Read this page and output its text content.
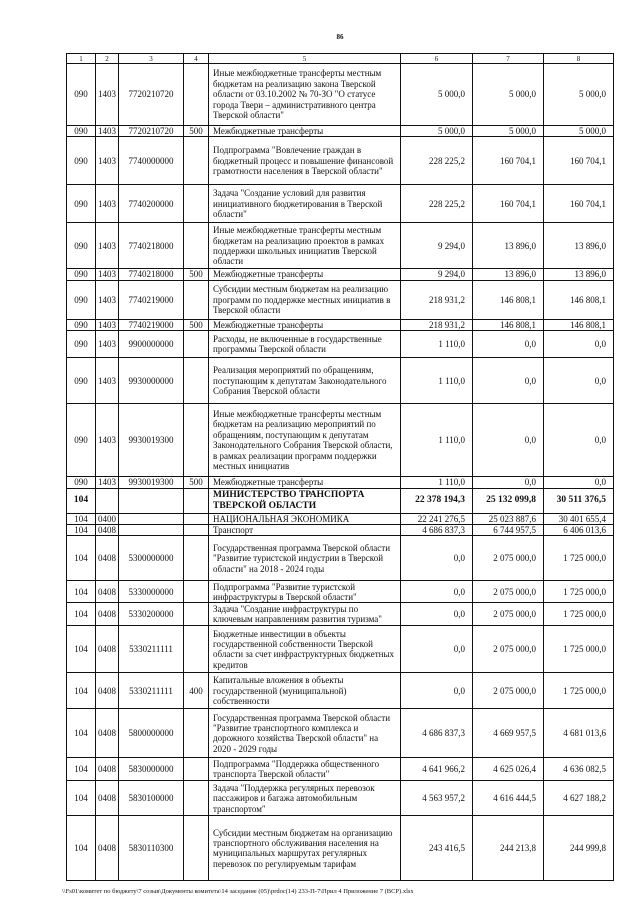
86
1	2	3	4	5	6	7	8
090	1403	7720210720		Иные межбюджетные трансферты местным бюджетам на реализацию закона Тверской области от 03.10.2002 № 70-ЗО "О статусе города Твери – административного центра Тверской области"	5 000,0	5 000,0	5 000,0
090	1403	7720210720	500	Межбюджетные трансферты	5 000,0	5 000,0	5 000,0
090	1403	7740000000		Подпрограмма "Вовлечение граждан в бюджетный процесс и повышение финансовой грамотности населения в Тверской области"	228 225,2	160 704,1	160 704,1
090	1403	7740200000		Задача "Создание условий для развития инициативного бюджетирования в Тверской области"	228 225,2	160 704,1	160 704,1
090	1403	7740218000		Иные межбюджетные трансферты местным бюджетам на реализацию проектов в рамках поддержки школьных инициатив Тверской области	9 294,0	13 896,0	13 896,0
090	1403	7740218000	500	Межбюджетные трансферты	9 294,0	13 896,0	13 896,0
090	1403	7740219000		Субсидии местным бюджетам на реализацию программ по поддержке местных инициатив в Тверской области	218 931,2	146 808,1	146 808,1
090	1403	7740219000	500	Межбюджетные трансферты	218 931,2	146 808,1	146 808,1
090	1403	9900000000		Расходы, не включенные в государственные программы Тверской области	1 110,0	0,0	0,0
090	1403	9930000000		Реализация мероприятий по обращениям, поступающим к депутатам Законодательного Собрания Тверской области	1 110,0	0,0	0,0
090	1403	9930019300		Иные межбюджетные трансферты местным бюджетам на реализацию мероприятий по обращениям, поступающим к депутатам Законодательного Собрания Тверской области, в рамках реализации программ поддержки местных инициатив	1 110,0	0,0	0,0
090	1403	9930019300	500	Межбюджетные трансферты	1 110,0	0,0	0,0
104				МИНИСТЕРСТВО ТРАНСПОРТА ТВЕРСКОЙ ОБЛАСТИ	22 378 194,3	25 132 099,8	30 511 376,5
104	0400			НАЦИОНАЛЬНАЯ ЭКОНОМИКА	22 241 276,5	25 023 887,6	30 401 655,4
104	0408			Транспорт	4 686 837,3	6 744 957,5	6 406 013,6
104	0408	5300000000		Государственная программа Тверской области "Развитие туристской индустрии в Тверской области" на 2018 - 2024 годы	0,0	2 075 000,0	1 725 000,0
104	0408	5330000000		Подпрограмма "Развитие туристской инфраструктуры в Тверской области"	0,0	2 075 000,0	1 725 000,0
104	0408	5330200000		Задача "Создание инфраструктуры по ключевым направлениям развития туризма"	0,0	2 075 000,0	1 725 000,0
104	0408	5330211111		Бюджетные инвестиции в объекты государственной собственности Тверской области за счет инфраструктурных бюджетных кредитов	0,0	2 075 000,0	1 725 000,0
104	0408	5330211111	400	Капитальные вложения в объекты государственной (муниципальной) собственности	0,0	2 075 000,0	1 725 000,0
104	0408	5800000000		Государственная программа Тверской области "Развитие транспортного комплекса и дорожного хозяйства Тверской области" на 2020 - 2029 годы	4 686 837,3	4 669 957,5	4 681 013,6
104	0408	5830000000		Подпрограмма "Поддержка общественного транспорта Тверской области"	4 641 966,2	4 625 026,4	4 636 082,5
104	0408	5830100000		Задача "Поддержка регулярных перевозок пассажиров и багажа автомобильным транспортом"	4 563 957,2	4 616 444,5	4 627 188,2
104	0408	5830110300		Субсидии местным бюджетам на организацию транспортного обслуживания населения на муниципальных маршрутах регулярных перевозок по регулируемым тарифам	243 416,5	244 213,8	244 999,8
\\Fs01\комитет по бюджету\7 созыв\Документы комитета\14 заседание (05)\prdoc(14) 233-П-7\Прил 4 Приложение 7 (ВСР).xlsx
